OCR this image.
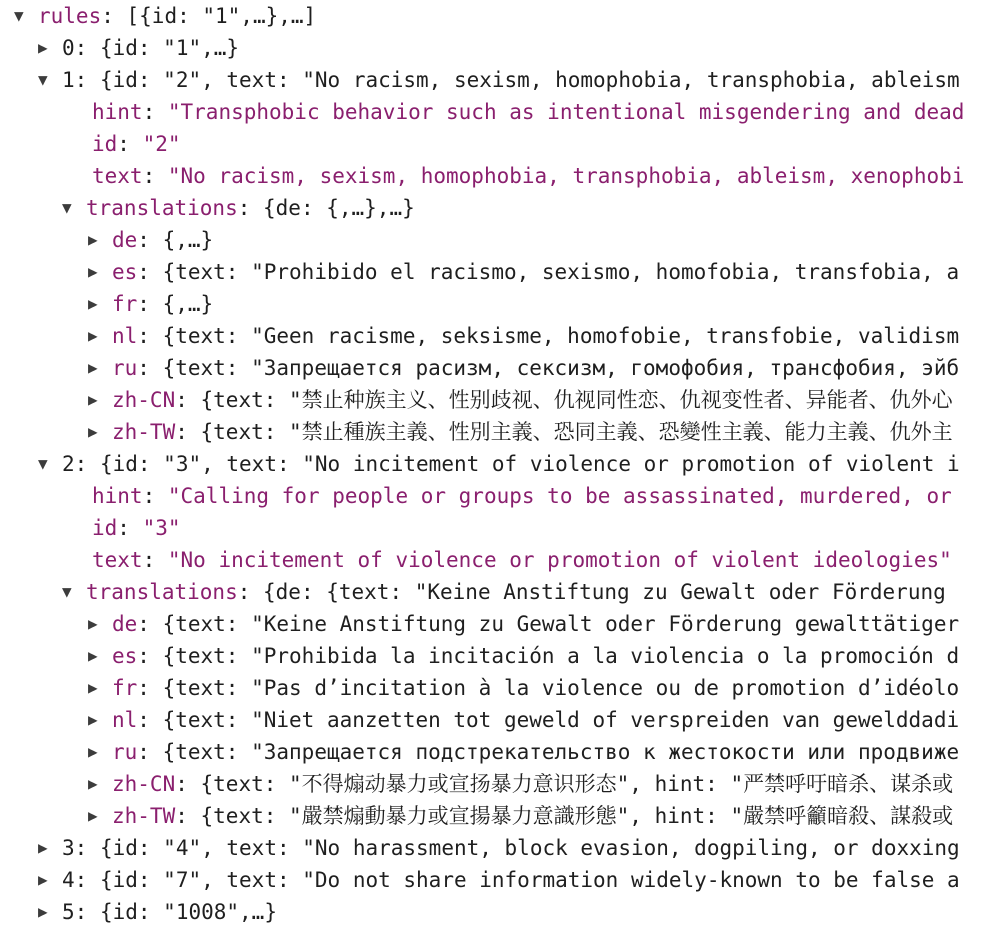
▼ rules: [{id: "1",…},…]
▶ 0: {id: "1",…}
▼ 1: {id: "2", text: "No racism, sexism, homophobia, transphobia, ableism
hint: "Transphobic behavior such as intentional misgendering and dead
id: "2"
text: "No racism, sexism, homophobia, transphobia, ableism, xenophobi
▼ translations: {de: {,…},…}
▶ de: {,…}
▶ es: {text: "Prohibido el racismo, sexismo, homofobia, transfobia, a
▶ fr: {,…}
▶ nl: {text: "Geen racisme, seksisme, homofobie, transfobie, validism
▶ ru: {text: "Запрещается расизм, сексизм, гомофобия, трансфобия, эйб
▶ zh-CN: {text: "禁止种族主义、性别歧视、仇视同性恋、仇视变性者、异能者、仇外心
▶ zh-TW: {text: "禁止種族主義、性別主義、恐同主義、恐變性主義、能力主義、仇外主
▼ 2: {id: "3", text: "No incitement of violence or promotion of violent i
hint: "Calling for people or groups to be assassinated, murdered, or
id: "3"
text: "No incitement of violence or promotion of violent ideologies"
▼ translations: {de: {text: "Keine Anstiftung zu Gewalt oder Förderung
▶ de: {text: "Keine Anstiftung zu Gewalt oder Förderung gewalttätiger
▶ es: {text: "Prohibida la incitación a la violencia o la promoción d
▶ fr: {text: "Pas d’incitation à la violence ou de promotion d’idéolo
▶ nl: {text: "Niet aanzetten tot geweld of verspreiden van gewelddadi
▶ ru: {text: "Запрещается подстрекательство к жестокости или продвиже
▶ zh-CN: {text: "不得煽动暴力或宣扬暴力意识形态", hint: "严禁呼吁暗杀、谋杀或
▶ zh-TW: {text: "嚴禁煽動暴力或宣揚暴力意識形態", hint: "嚴禁呼籲暗殺、謀殺或
▶ 3: {id: "4", text: "No harassment, block evasion, dogpiling, or doxxing
▶ 4: {id: "7", text: "Do not share information widely-known to be false a
▶ 5: {id: "1008",…}
